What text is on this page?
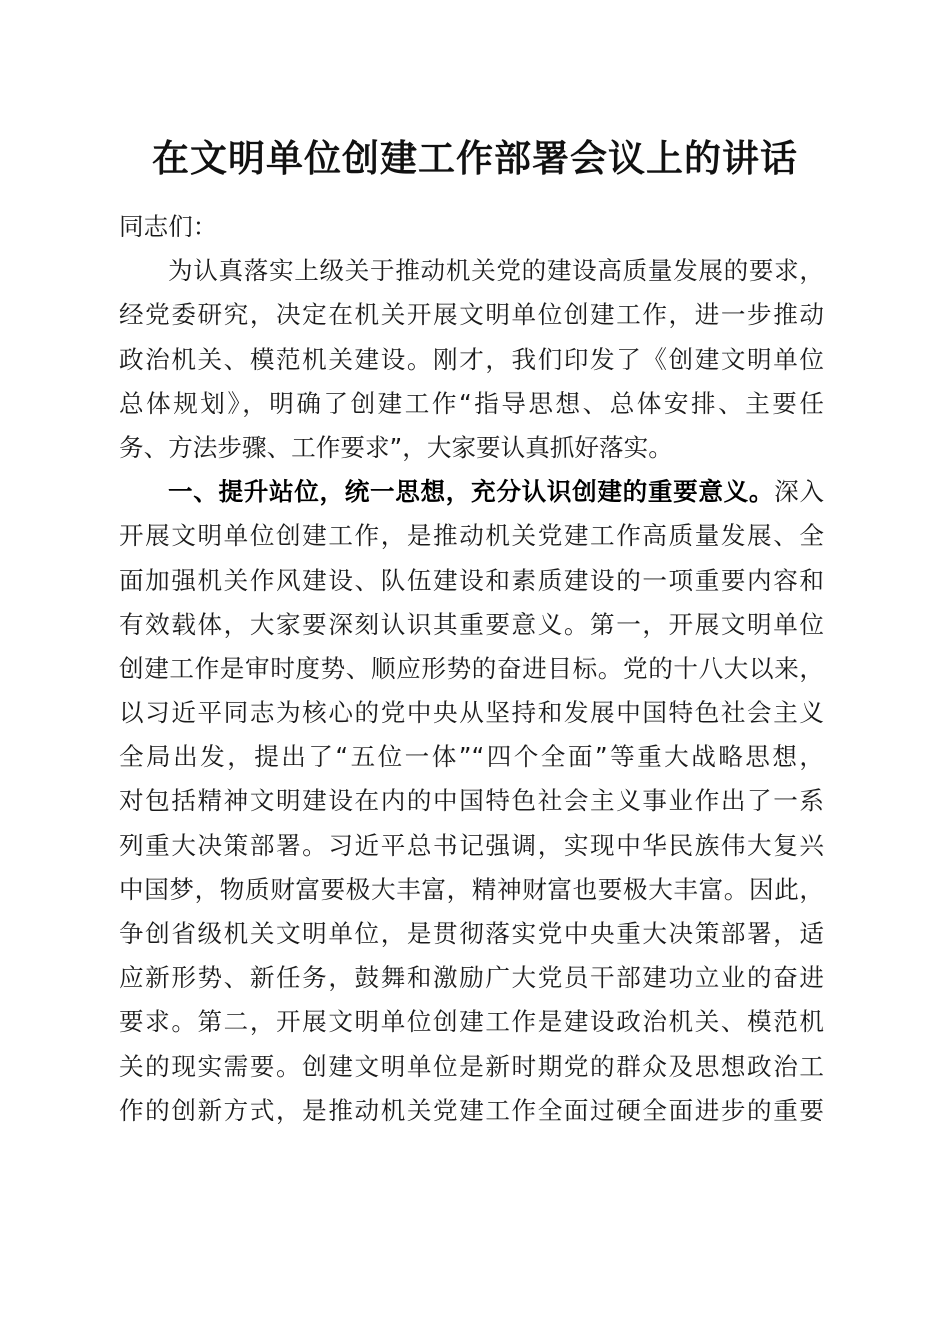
在文明单位创建工作部署会议上的讲话
同志们：
为认真落实上级关于推动机关党的建设高质量发展的要求，
经党委研究，决定在机关开展文明单位创建工作，进一步推动
政治机关、模范机关建设。刚才，我们印发了《创建文明单位
总体规划》，明确了创建工作“指导思想、总体安排、主要任
务、方法步骤、工作要求”，大家要认真抓好落实。
一、提升站位，统一思想，充分认识创建的重要意义。深入
开展文明单位创建工作，是推动机关党建工作高质量发展、全
面加强机关作风建设、队伍建设和素质建设的一项重要内容和
有效载体，大家要深刻认识其重要意义。第一，开展文明单位
创建工作是审时度势、顺应形势的奋进目标。党的十八大以来，
以习近平同志为核心的党中央从坚持和发展中国特色社会主义
全局出发，提出了“五位一体”“四个全面”等重大战略思想，
对包括精神文明建设在内的中国特色社会主义事业作出了一系
列重大决策部署。习近平总书记强调，实现中华民族伟大复兴
中国梦，物质财富要极大丰富，精神财富也要极大丰富。因此，
争创省级机关文明单位，是贯彻落实党中央重大决策部署，适
应新形势、新任务，鼓舞和激励广大党员干部建功立业的奋进
要求。第二，开展文明单位创建工作是建设政治机关、模范机
关的现实需要。创建文明单位是新时期党的群众及思想政治工
作的创新方式，是推动机关党建工作全面过硬全面进步的重要
